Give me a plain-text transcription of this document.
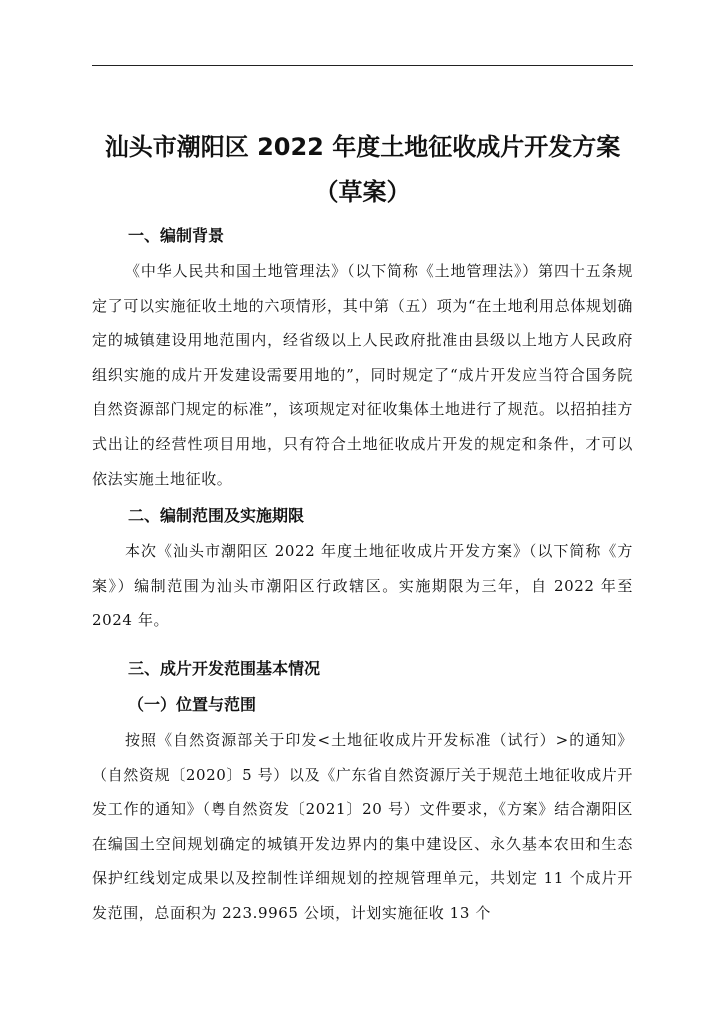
汕头市潮阳区 2022 年度土地征收成片开发方案
（草案）
一、编制背景

《中华人民共和国土地管理法》（以下简称《土地管理法》）第四十五条规定了可以实施征收土地的六项情形，其中第（五）项为“在土地利用总体规划确定的城镇建设用地范围内，经省级以上人民政府批准由县级以上地方人民政府组织实施的成片开发建设需要用地的”，同时规定了“成片开发应当符合国务院自然资源部门规定的标准”，该项规定对征收集体土地进行了规范。以招拍挂方式出让的经营性项目用地，只有符合土地征收成片开发的规定和条件，才可以依法实施土地征收。

二、编制范围及实施期限

本次《汕头市潮阳区 2022 年度土地征收成片开发方案》（以下简称《方案》）编制范围为汕头市潮阳区行政辖区。实施期限为三年，自 2022 年至 2024 年。

三、成片开发范围基本情况
（一）位置与范围

按照《自然资源部关于印发<土地征收成片开发标准（试行）>的通知》（自然资规〔2020〕5 号）以及《广东省自然资源厅关于规范土地征收成片开发工作的通知》（粤自然资发〔2021〕20 号）文件要求，《方案》结合潮阳区在编国土空间规划确定的城镇开发边界内的集中建设区、永久基本农田和生态保护红线划定成果以及控制性详细规划的控规管理单元，共划定 11 个成片开发范围，总面积为 223.9965 公顷，计划实施征收 13 个
